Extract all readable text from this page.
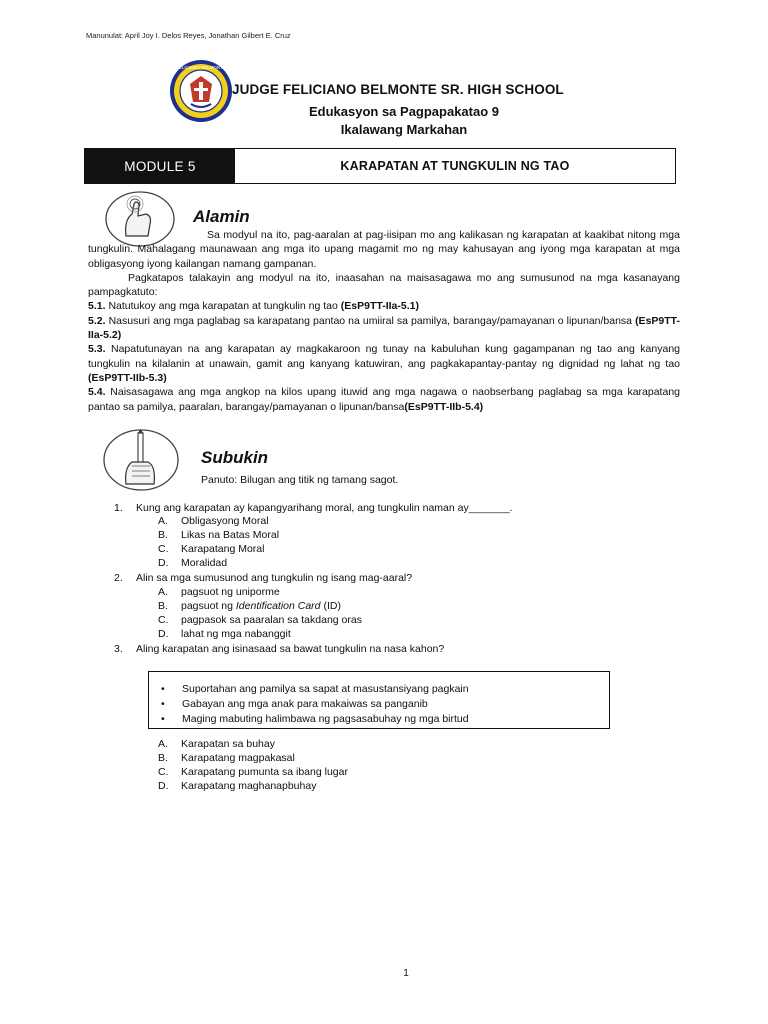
Manunulat: April Joy I. Delos Reyes, Jonathan Gilbert E. Cruz
FELICIANO BELMONTE
JUDGE FELICIANO BELMONTE SR. HIGH SCHOOL
Edukasyon sa Pagpapakatao 9
Ikalawang Markahan
MODULE 5	KARAPATAN AT TUNGKULIN NG TAO
Alamin

Sa modyul na ito, pag-aaralan at pag-iisipan mo ang kalikasan ng karapatan at kaakibat nitong mga tungkulin. Mahalagang maunawaan ang mga ito upang magamit mo ng may kahusayan ang iyong mga karapatan at mga obligasyong iyong kailangan namang gampanan.

Pagkatapos talakayin ang modyul na ito, inaasahan na maisasagawa mo ang sumusunod na mga kasanayang pampagkatuto:

5.1. Natutukoy ang mga karapatan at tungkulin ng tao (EsP9TT-IIa-5.1)

5.2. Nasusuri ang mga paglabag sa karapatang pantao na umiiral sa pamilya, barangay/pamayanan o lipunan/bansa (EsP9TT-IIa-5.2)

5.3. Napatutunayan na ang karapatan ay magkakaroon ng tunay na kabuluhan kung gagampanan ng tao ang kanyang tungkulin na kilalanin at unawain, gamit ang kanyang katuwiran, ang pagkakapantay-pantay ng dignidad ng lahat ng tao (EsP9TT-IIb-5.3)

5.4. Naisasagawa ang mga angkop na kilos upang ituwid ang mga nagawa o naobserbang paglabag sa mga karapatang pantao sa pamilya, paaralan, barangay/pamayanan o lipunan/bansa(EsP9TT-IIb-5.4)

Subukin
Panuto: Bilugan ang titik ng tamang sagot.
1. Kung ang karapatan ay kapangyarihang moral, ang tungkulin naman ay_______.
A. Obligasyong Moral
B. Likas na Batas Moral
C. Karapatang Moral
D. Moralidad
2. Alin sa mga sumusunod ang tungkulin ng isang mag-aaral?
A. pagsuot ng uniporme
B. pagsuot ng Identification Card (ID)
C. pagpasok sa paaralan sa takdang oras
D. lahat ng mga nabanggit
3. Aling karapatan ang isinasaad sa bawat tungkulin na nasa kahon?
• Suportahan ang pamilya sa sapat at masustansiyang pagkain
• Gabayan ang mga anak para makaiwas sa panganib
• Maging mabuting halimbawa ng pagsasabuhay ng mga birtud
A. Karapatan sa buhay
B. Karapatang magpakasal
C. Karapatang pumunta sa ibang lugar
D. Karapatang maghanapbuhay
1
